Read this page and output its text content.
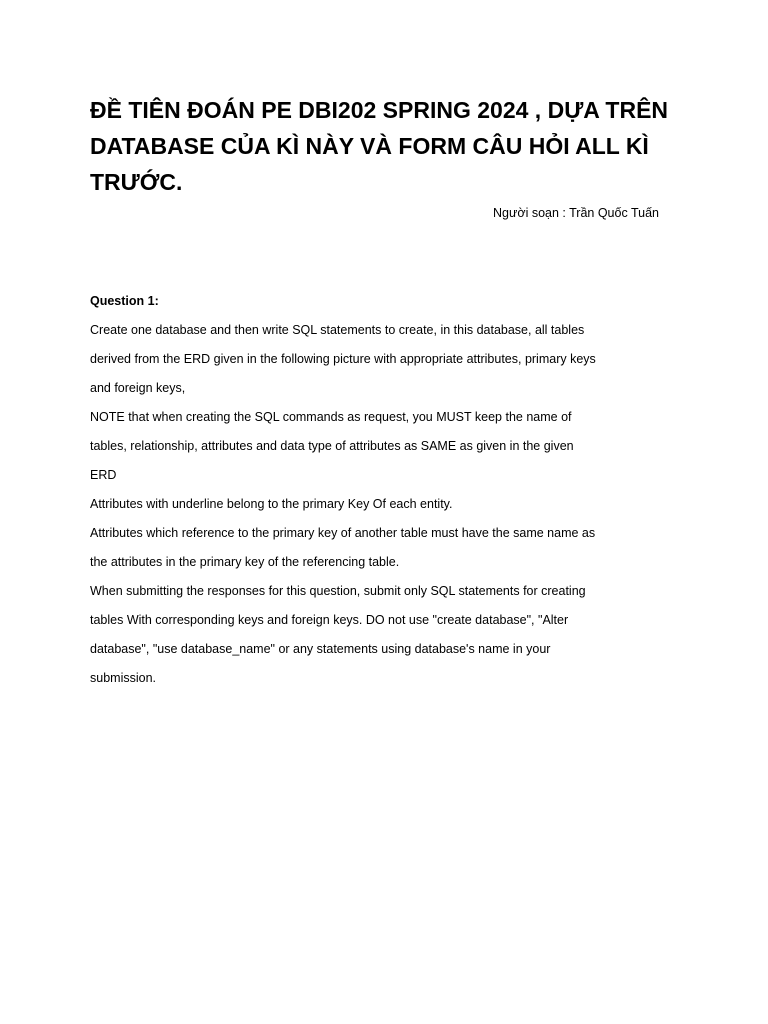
ĐỀ TIÊN ĐOÁN PE DBI202 SPRING 2024 , DỰA TRÊN DATABASE CỦA KÌ NÀY VÀ FORM CÂU HỎI ALL KÌ TRƯỚC.
Người soạn : Trần Quốc Tuấn
Question 1:
Create one database and then write SQL statements to create, in this database, all tables
derived from the ERD given in the following picture with appropriate attributes, primary keys
and foreign keys,
NOTE that when creating the SQL commands as request, you MUST keep the name of
tables, relationship, attributes and data type of attributes as SAME as given in the given
ERD
Attributes with underline belong to the primary Key Of each entity.
Attributes which reference to the primary key of another table must have the same name as
the attributes in the primary key of the referencing table.
When submitting the responses for this question, submit only SQL statements for creating
tables With corresponding keys and foreign keys. DO not use "create database", "Alter
database", "use database_name" or any statements using database's name in your
submission.
